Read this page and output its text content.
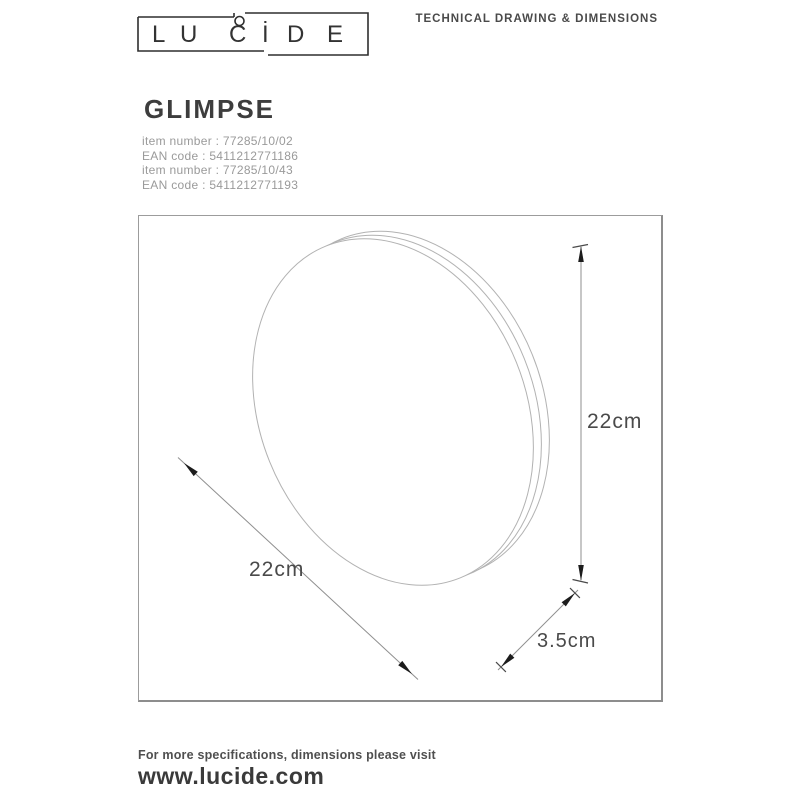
L U C İ D E
TECHNICAL DRAWING & DIMENSIONS
GLIMPSE
item number : 77285/10/02
EAN code : 5411212771186
item number : 77285/10/43
EAN code : 5411212771193
22cm
22cm
3.5cm
For more specifications, dimensions please visit
www.lucide.com
